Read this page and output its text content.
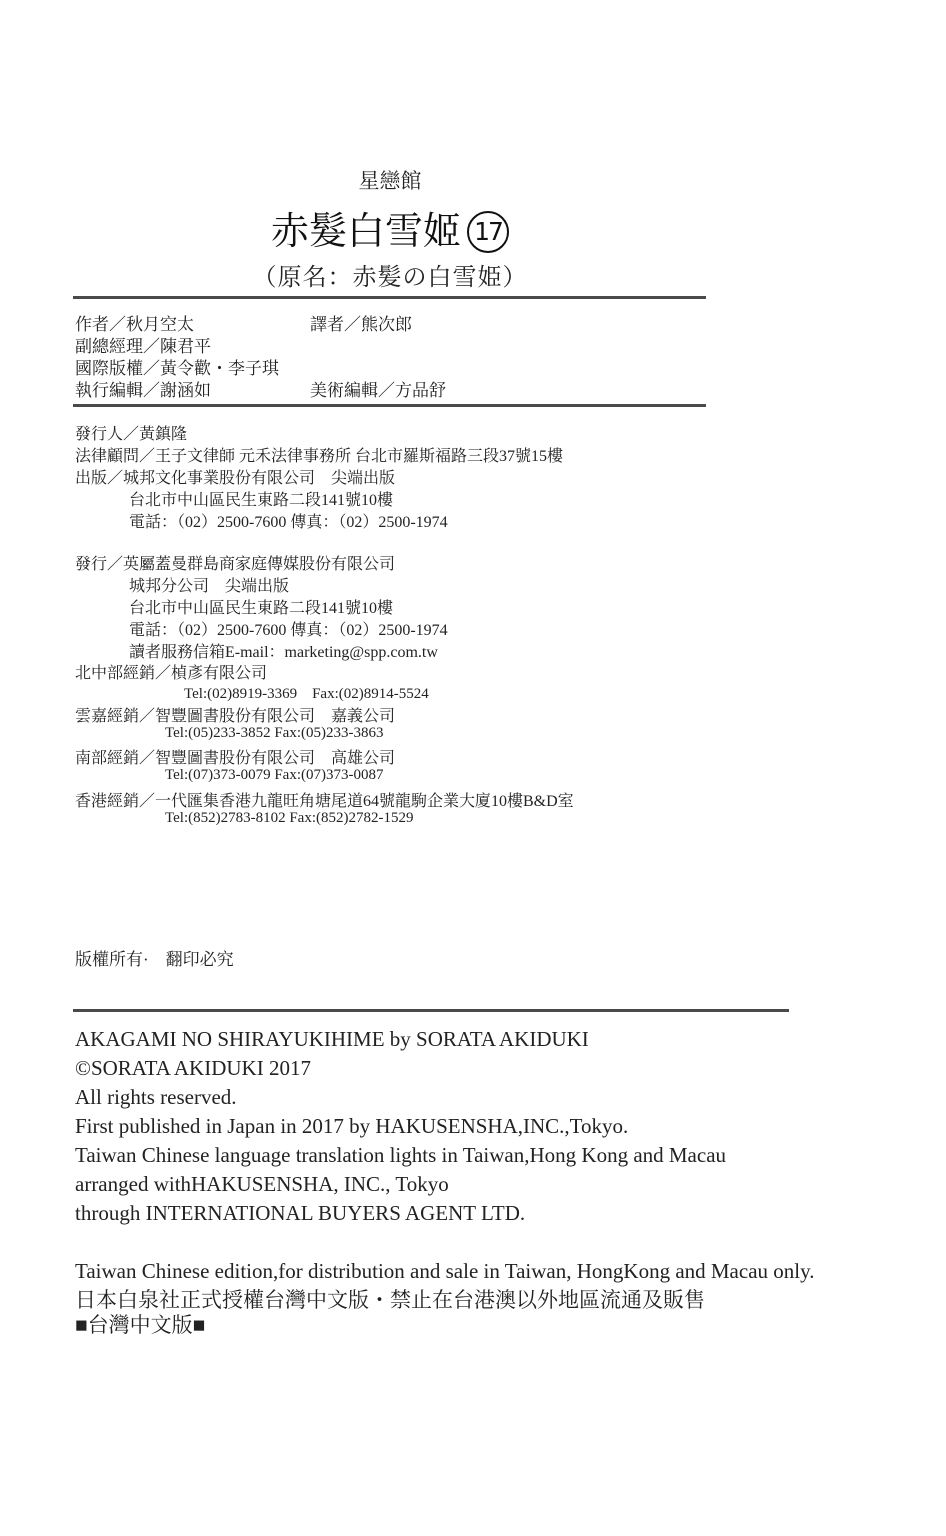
星戀館
赤髮白雪姬 17
（原名：赤髪の白雪姫）
作者／秋月空太	譯者／熊次郎
副總經理／陳君平
國際版權／黃令歡・李子琪
執行編輯／謝涵如	美術編輯／方品舒
發行人／黃鎮隆
法律顧問／王子文律師 元禾法律事務所 台北市羅斯福路三段37號15樓
出版／城邦文化事業股份有限公司　尖端出版
台北市中山區民生東路二段141號10樓
電話：（02）2500-7600 傳真：（02）2500-1974
發行／英屬蓋曼群島商家庭傳媒股份有限公司
城邦分公司　尖端出版
台北市中山區民生東路二段141號10樓
電話：（02）2500-7600 傳真：（02）2500-1974
讀者服務信箱E-mail：marketing@spp.com.tw
北中部經銷／楨彥有限公司
Tel:(02)8919-3369　Fax:(02)8914-5524
雲嘉經銷／智豐圖書股份有限公司　嘉義公司
Tel:(05)233-3852 Fax:(05)233-3863
南部經銷／智豐圖書股份有限公司　高雄公司
Tel:(07)373-0079 Fax:(07)373-0087
香港經銷／一代匯集香港九龍旺角塘尾道64號龍駒企業大廈10樓B&D室
Tel:(852)2783-8102 Fax:(852)2782-1529
版權所有·　翻印必究
AKAGAMI NO SHIRAYUKIHIME by SORATA AKIDUKI
©SORATA AKIDUKI 2017
All rights reserved.
First published in Japan in 2017 by HAKUSENSHA,INC.,Tokyo.
Taiwan Chinese language translation lights in Taiwan,Hong Kong and Macau
arranged withHAKUSENSHA, INC., Tokyo
through INTERNATIONAL BUYERS AGENT LTD.
Taiwan Chinese edition,for distribution and sale in Taiwan, HongKong and Macau only.
日本白泉社正式授權台灣中文版・禁止在台港澳以外地區流通及販售
■台灣中文版■
